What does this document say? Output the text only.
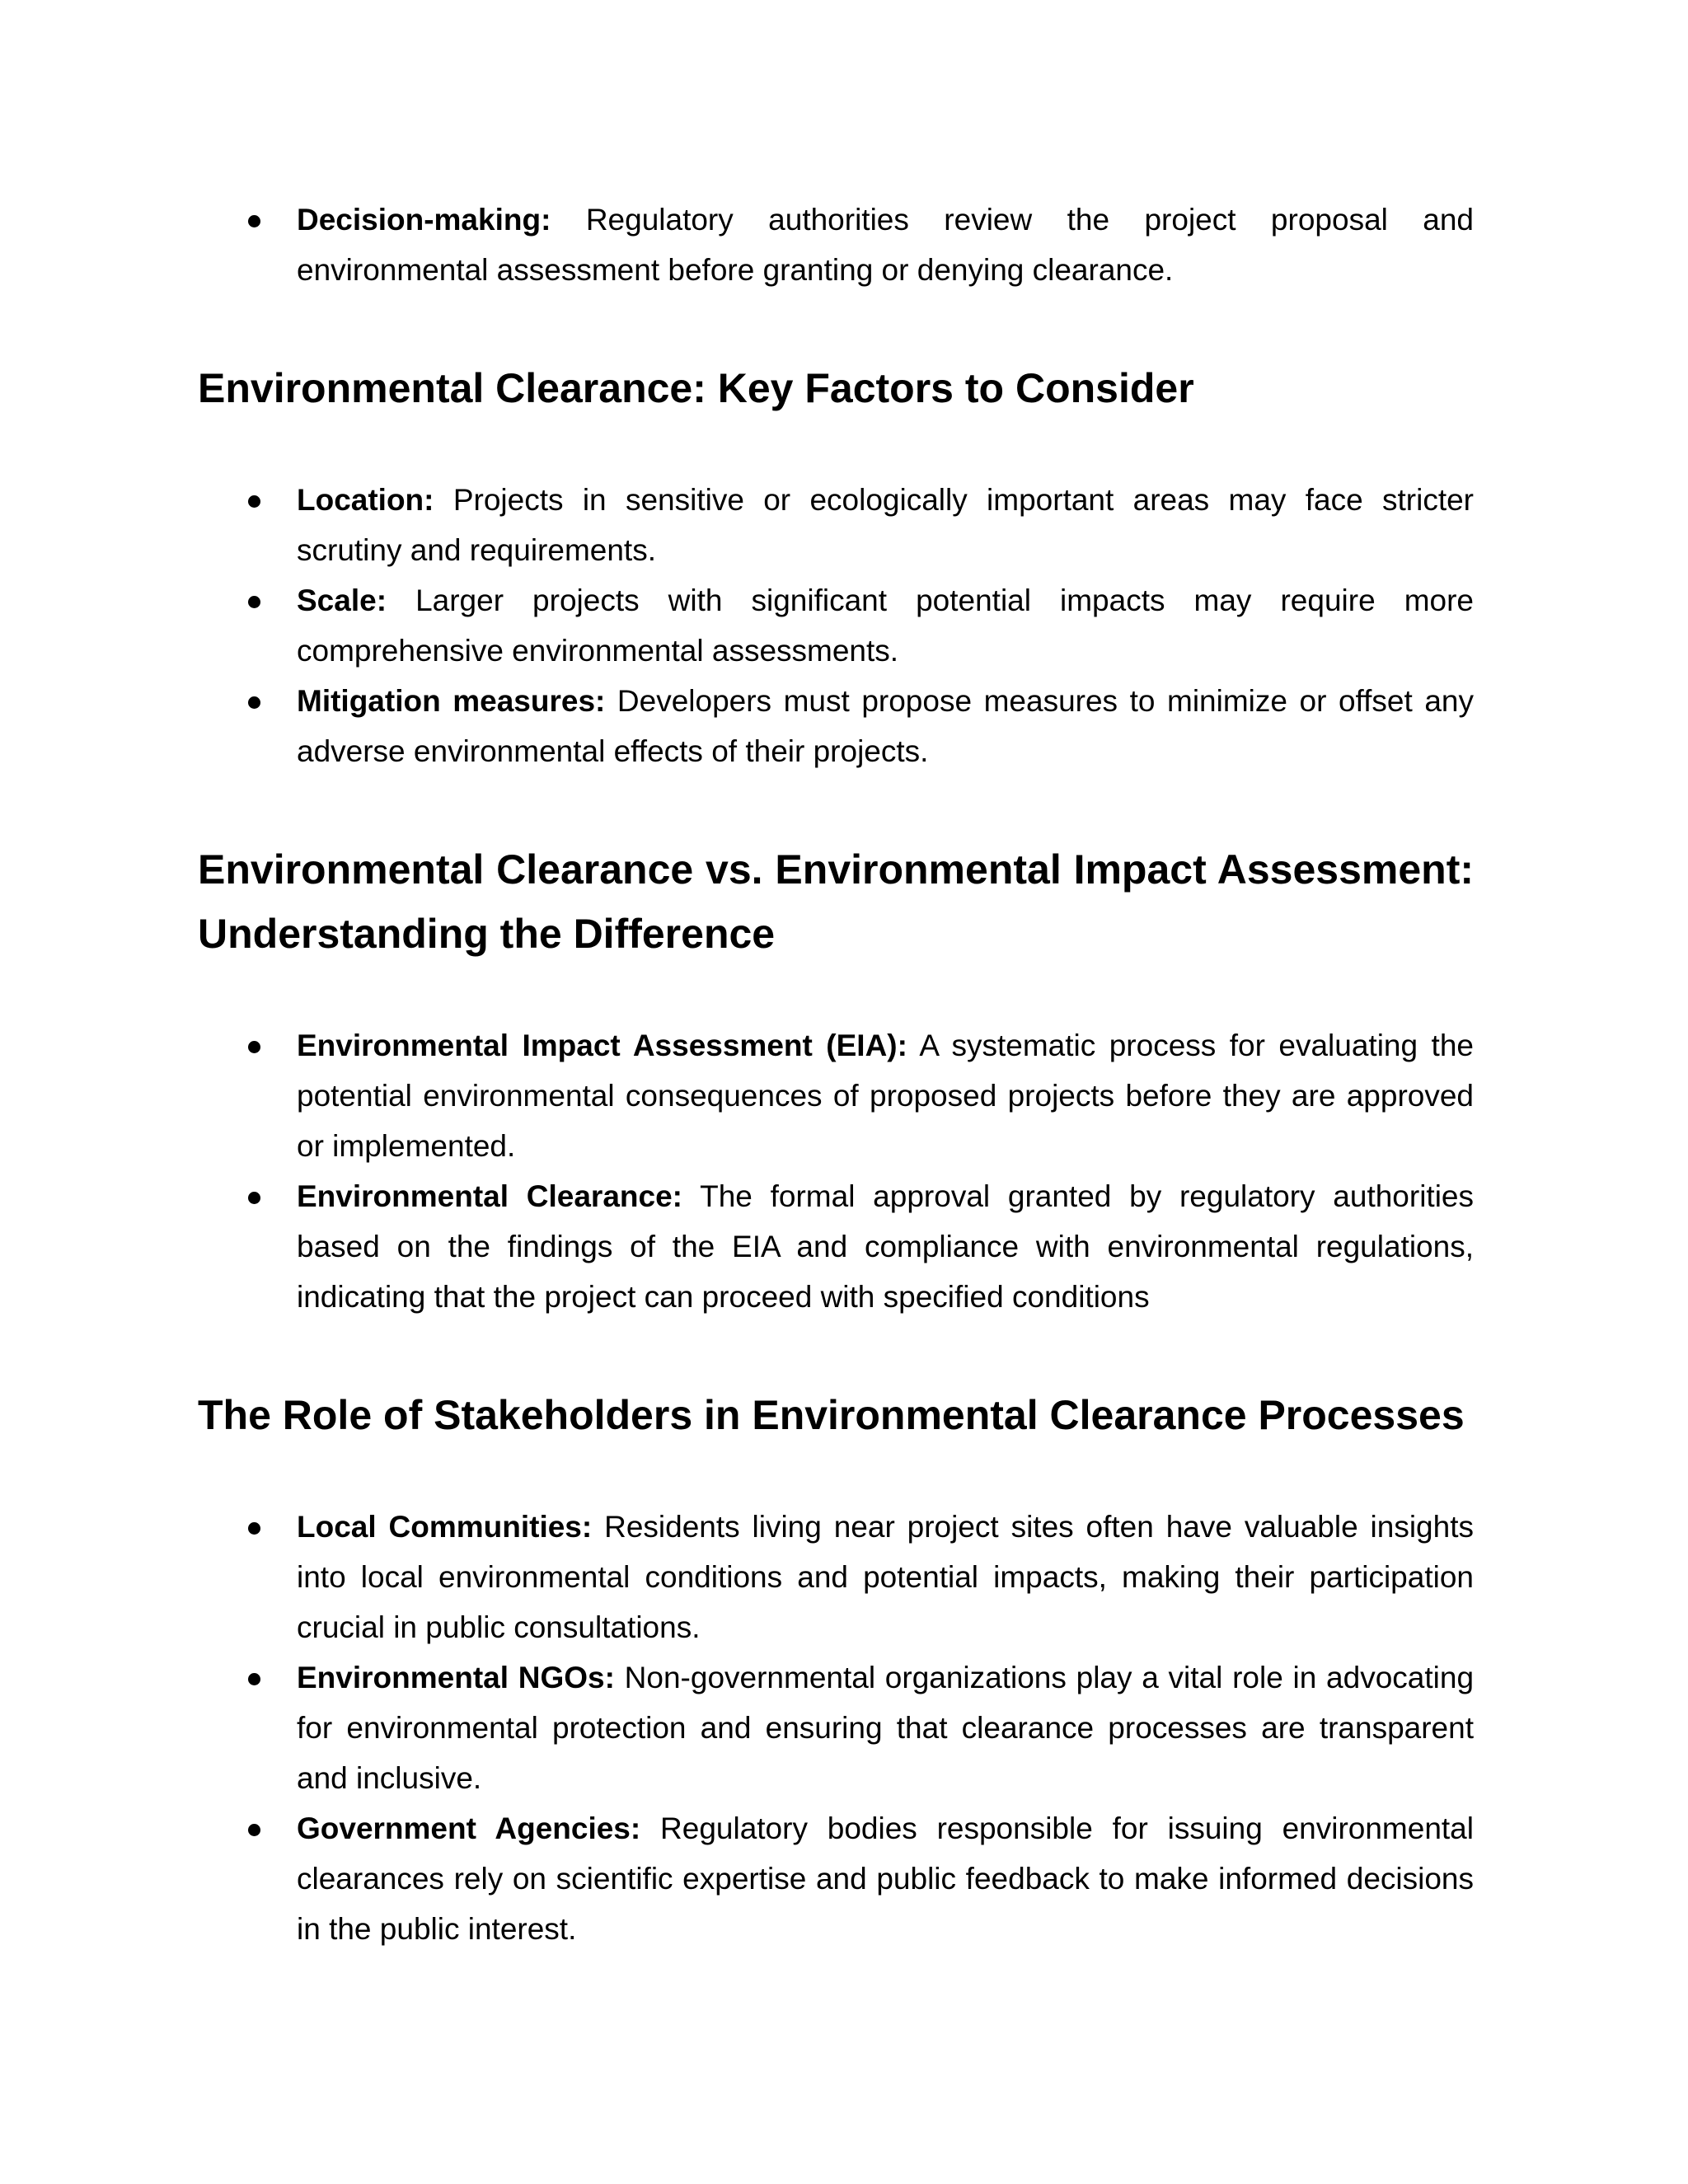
Decision-making: Regulatory authorities review the project proposal and environmental assessment before granting or denying clearance.
Environmental Clearance: Key Factors to Consider
Location: Projects in sensitive or ecologically important areas may face stricter scrutiny and requirements.
Scale: Larger projects with significant potential impacts may require more comprehensive environmental assessments.
Mitigation measures: Developers must propose measures to minimize or offset any adverse environmental effects of their projects.
Environmental Clearance vs. Environmental Impact Assessment: Understanding the Difference
Environmental Impact Assessment (EIA): A systematic process for evaluating the potential environmental consequences of proposed projects before they are approved or implemented.
Environmental Clearance: The formal approval granted by regulatory authorities based on the findings of the EIA and compliance with environmental regulations, indicating that the project can proceed with specified conditions
The Role of Stakeholders in Environmental Clearance Processes
Local Communities: Residents living near project sites often have valuable insights into local environmental conditions and potential impacts, making their participation crucial in public consultations.
Environmental NGOs: Non-governmental organizations play a vital role in advocating for environmental protection and ensuring that clearance processes are transparent and inclusive.
Government Agencies: Regulatory bodies responsible for issuing environmental clearances rely on scientific expertise and public feedback to make informed decisions in the public interest.
